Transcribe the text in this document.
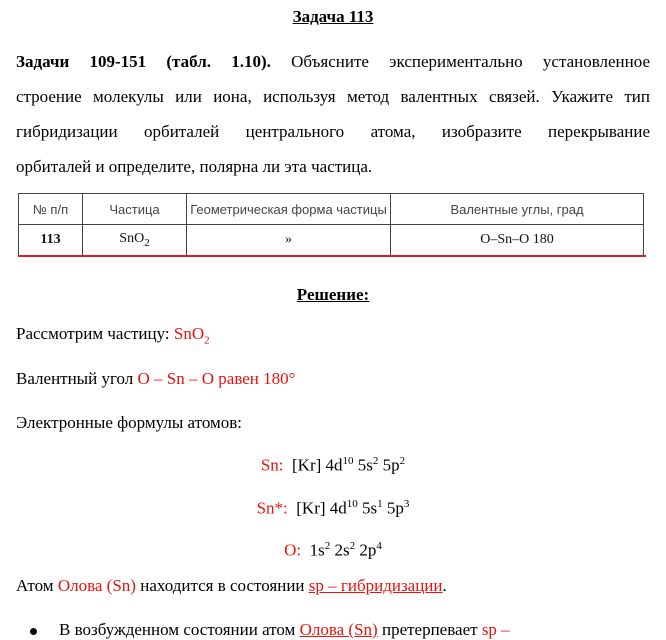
Задача 113
Задачи 109-151 (табл. 1.10). Объясните экспериментально установленное
строение молекулы или иона, используя метод валентных связей. Укажите тип
гибридизации орбиталей центрального атома, изобразите перекрывание
орбиталей и определите, полярна ли эта частица.
№ п/п	Частица	Геометрическая форма частицы	Валентные углы, град
113	SnO$_2$	»	O–Sn–O 180
Решение:
Рассмотрим частицу: SnO$_2$
Валентный угол O – Sn – O равен 180°
Электронные формулы атомов:
Sn: [Kr] $4d^{10}$ $5s^2$ $5p^2$
Sn*: [Kr] $4d^{10}$ $5s^1$ $5p^3$
O: $1s^2$ $2s^2$ $2p^4$
Атом Олова (Sn) находится в состоянии sp – гибридизации.
В возбужденном состоянии атом Олова (Sn) претерпевает sp –
